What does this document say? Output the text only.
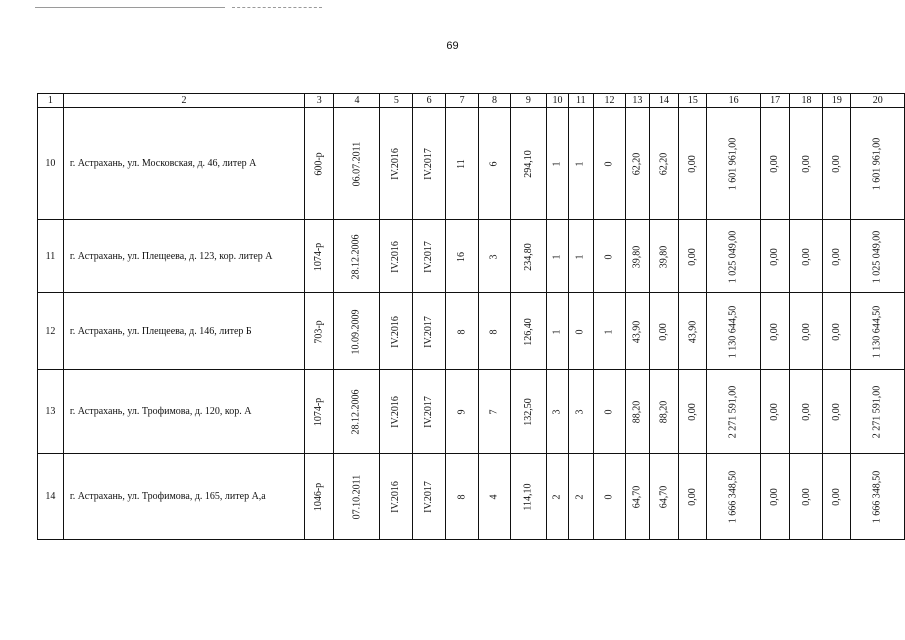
69
1	2	3	4	5	6	7	8	9	10	11	12	13	14	15	16	17	18	19	20
10	г. Астрахань, ул. Московская, д. 46, литер А	600-р	06.07.2011	IV.2016	IV.2017	11	6	294,10	1	1	0	62,20	62,20	0,00	1 601 961,00	0,00	0,00	0,00	1 601 961,00
11	г. Астрахань, ул. Плещеева, д. 123, кор. литер А	1074-р	28.12.2006	IV.2016	IV.2017	16	3	234,80	1	1	0	39,80	39,80	0,00	1 025 049,00	0,00	0,00	0,00	1 025 049,00
12	г. Астрахань, ул. Плещеева, д. 146, литер Б	703-р	10.09.2009	IV.2016	IV.2017	8	8	126,40	1	0	1	43,90	0,00	43,90	1 130 644,50	0,00	0,00	0,00	1 130 644,50
13	г. Астрахань, ул. Трофимова, д. 120, кор. А	1074-р	28.12.2006	IV.2016	IV.2017	9	7	132,50	3	3	0	88,20	88,20	0,00	2 271 591,00	0,00	0,00	0,00	2 271 591,00
14	г. Астрахань, ул. Трофимова, д. 165, литер А,а	1046-р	07.10.2011	IV.2016	IV.2017	8	4	114,10	2	2	0	64,70	64,70	0,00	1 666 348,50	0,00	0,00	0,00	1 666 348,50
